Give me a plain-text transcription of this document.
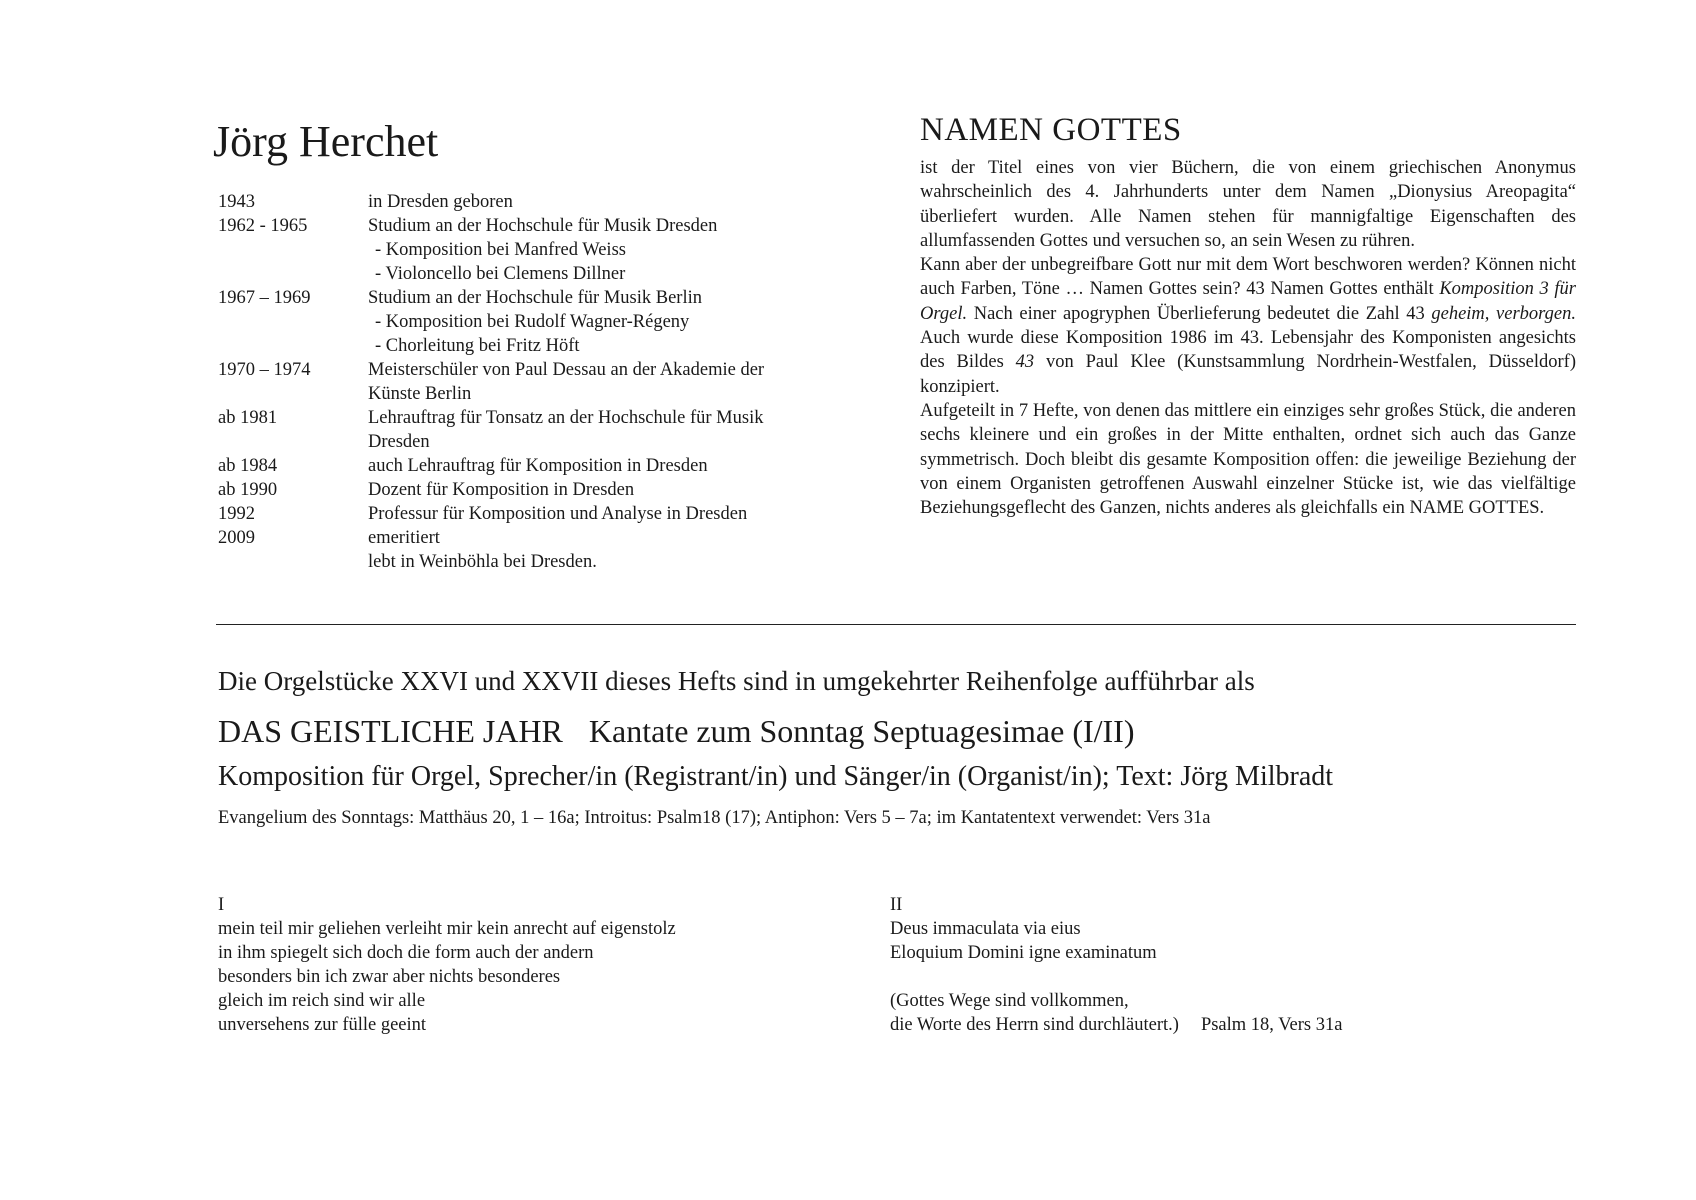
Jörg Herchet
1943	in Dresden geboren
1962 - 1965	Studium an der Hochschule für Musik Dresden
- Komposition bei Manfred Weiss
- Violoncello bei Clemens Dillner
1967 – 1969	Studium an der Hochschule für Musik Berlin
- Komposition bei Rudolf Wagner-Régeny
- Chorleitung bei Fritz Höft
1970 – 1974	Meisterschüler von Paul Dessau an der Akademie der
Künste Berlin
ab 1981	Lehrauftrag für Tonsatz an der Hochschule für Musik
Dresden
ab 1984	auch Lehrauftrag für Komposition in Dresden
ab 1990	Dozent für Komposition in Dresden
1992	Professur für Komposition und Analyse in Dresden
2009	emeritiert
lebt in Weinböhla bei Dresden.
NAMEN GOTTES

ist der Titel eines von vier Büchern, die von einem griechischen Anonymus wahrscheinlich des 4. Jahrhunderts unter dem Namen „Dionysius Areopagita“ überliefert wurden. Alle Namen stehen für mannigfaltige Eigenschaften des allumfassenden Gottes und versuchen so, an sein Wesen zu rühren.

Kann aber der unbegreifbare Gott nur mit dem Wort beschworen werden? Können nicht auch Farben, Töne … Namen Gottes sein? 43 Namen Gottes enthält Komposition 3 für Orgel. Nach einer apogryphen Überlieferung bedeutet die Zahl 43 geheim, verborgen. Auch wurde diese Komposition 1986 im 43. Lebensjahr des Komponisten angesichts des Bildes 43 von Paul Klee (Kunstsammlung Nordrhein-Westfalen, Düsseldorf) konzipiert.

Aufgeteilt in 7 Hefte, von denen das mittlere ein einziges sehr großes Stück, die anderen sechs kleinere und ein großes in der Mitte enthalten, ordnet sich auch das Ganze symmetrisch. Doch bleibt dis gesamte Komposition offen: die jeweilige Beziehung der von einem Organisten getroffenen Auswahl einzelner Stücke ist, wie das vielfältige Beziehungsgeflecht des Ganzen, nichts anderes als gleichfalls ein NAME GOTTES.

Die Orgelstücke XXVI und XXVII dieses Hefts sind in umgekehrter Reihenfolge aufführbar als
DAS GEISTLICHE JAHR Kantate zum Sonntag Septuagesimae (I/II)
Komposition für Orgel, Sprecher/in (Registrant/in) und Sänger/in (Organist/in); Text: Jörg Milbradt
Evangelium des Sonntags: Matthäus 20, 1 – 16a; Introitus: Psalm18 (17); Antiphon: Vers 5 – 7a; im Kantatentext verwendet: Vers 31a
I
mein teil mir geliehen verleiht mir kein anrecht auf eigenstolz
in ihm spiegelt sich doch die form auch der andern
besonders bin ich zwar aber nichts besonderes
gleich im reich sind wir alle
unversehens zur fülle geeint
II
Deus immaculata via eius
Eloquium Domini igne examinatum
(Gottes Wege sind vollkommen,
die Worte des Herrn sind durchläutert.) Psalm 18, Vers 31a
